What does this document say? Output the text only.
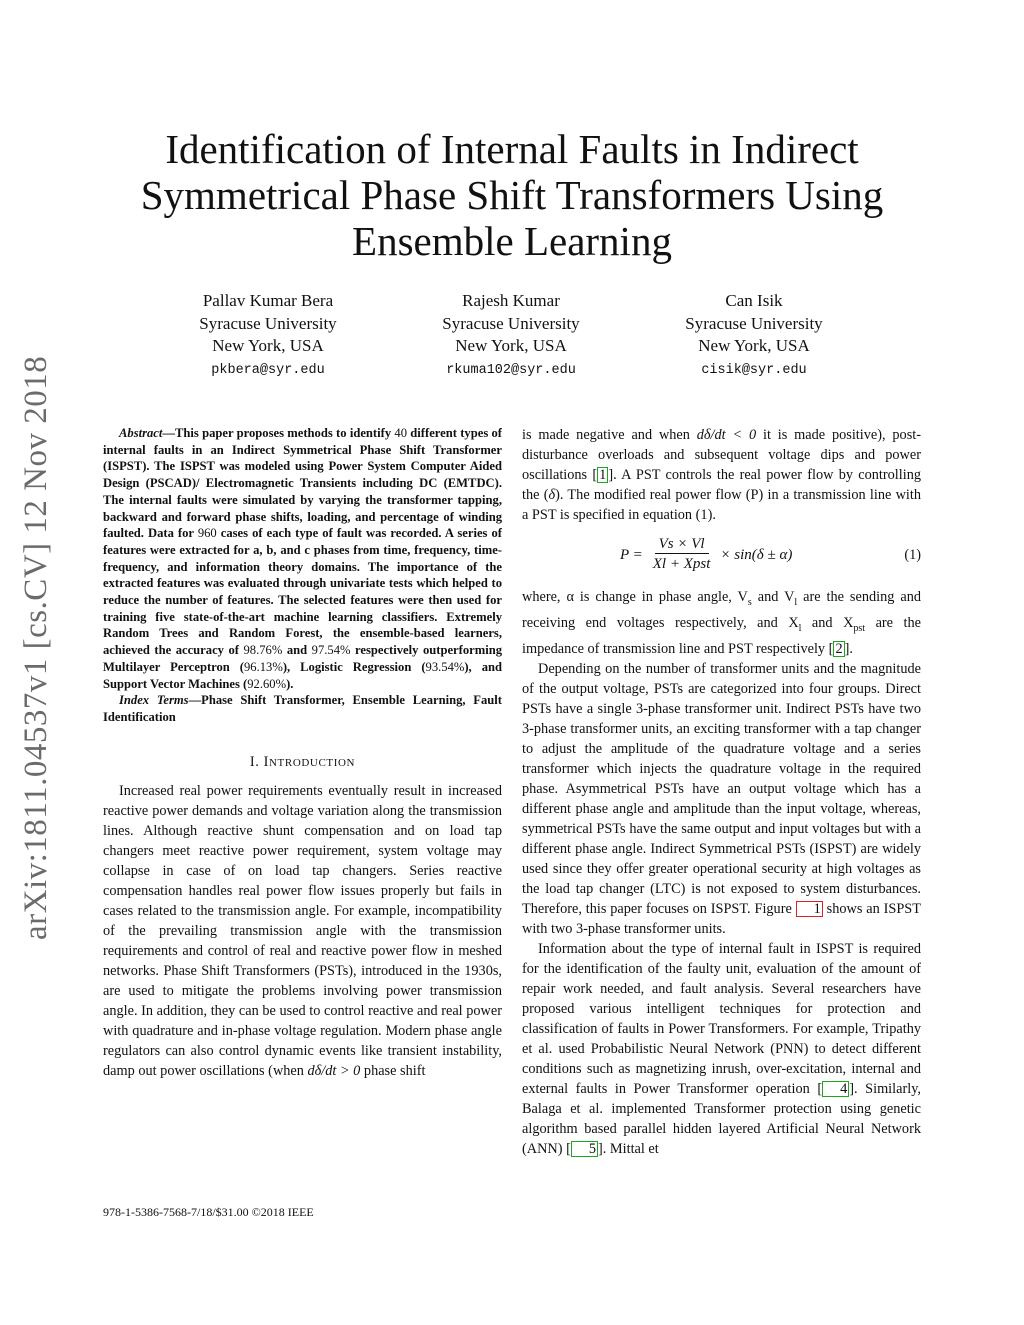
arXiv:1811.04537v1 [cs.CV] 12 Nov 2018
Identification of Internal Faults in Indirect
Symmetrical Phase Shift Transformers Using
Ensemble Learning
Pallav Kumar Bera
Syracuse University
New York, USA
pkbera@syr.edu
Rajesh Kumar
Syracuse University
New York, USA
rkuma102@syr.edu
Can Isik
Syracuse University
New York, USA
cisik@syr.edu
Abstract—This paper proposes methods to identify 40 different types of internal faults in an Indirect Symmetrical Phase Shift Transformer (ISPST). The ISPST was modeled using Power System Computer Aided Design (PSCAD)/ Electromagnetic Transients including DC (EMTDC). The internal faults were simulated by varying the transformer tapping, backward and forward phase shifts, loading, and percentage of winding faulted. Data for 960 cases of each type of fault was recorded. A series of features were extracted for a, b, and c phases from time, frequency, time-frequency, and information theory domains. The importance of the extracted features was evaluated through univariate tests which helped to reduce the number of features. The selected features were then used for training five state-of-the-art machine learning classifiers. Extremely Random Trees and Random Forest, the ensemble-based learners, achieved the accuracy of 98.76% and 97.54% respectively outperforming Multilayer Perceptron (96.13%), Logistic Regression (93.54%), and Support Vector Machines (92.60%).
Index Terms—Phase Shift Transformer, Ensemble Learning, Fault Identification
I. INTRODUCTION

Increased real power requirements eventually result in increased reactive power demands and voltage variation along the transmission lines. Although reactive shunt compensation and on load tap changers meet reactive power requirement, system voltage may collapse in case of on load tap changers. Series reactive compensation handles real power flow issues properly but fails in cases related to the transmission angle. For example, incompatibility of the prevailing transmission angle with the transmission requirements and control of real and reactive power flow in meshed networks. Phase Shift Transformers (PSTs), introduced in the 1930s, are used to mitigate the problems involving power transmission angle. In addition, they can be used to control reactive and real power with quadrature and in-phase voltage regulation. Modern phase angle regulators can also control dynamic events like transient instability, damp out power oscillations (when dδ/dt > 0 phase shift

is made negative and when dδ/dt < 0 it is made positive), post-disturbance overloads and subsequent voltage dips and power oscillations [ 1 ]. A PST controls the real power flow by controlling the (δ). The modified real power flow (P) in a transmission line with a PST is specified in equation (1).

$P = \frac{Vs \times Vl}{\text{Xl + Xpst}} \times \sin(\delta \pm \alpha)$	(1)

where, α is change in phase angle, $V_s$ and $V_l$ are the sending and receiving end voltages respectively, and $X_l$ and $X_{pst}$ are the impedance of transmission line and PST respectively [ 2 ].

Depending on the number of transformer units and the magnitude of the output voltage, PSTs are categorized into four groups. Direct PSTs have a single 3-phase transformer unit. Indirect PSTs have two 3-phase transformer units, an exciting transformer with a tap changer to adjust the amplitude of the quadrature voltage and a series transformer which injects the quadrature voltage in the required phase. Asymmetrical PSTs have an output voltage which has a different phase angle and amplitude than the input voltage, whereas, symmetrical PSTs have the same output and input voltages but with a different phase angle. Indirect Symmetrical PSTs (ISPST) are widely used since they offer greater operational security at high voltages as the load tap changer (LTC) is not exposed to system disturbances. Therefore, this paper focuses on ISPST. Figure 1 shows an ISPST with two 3-phase transformer units.

Information about the type of internal fault in ISPST is required for the identification of the faulty unit, evaluation of the amount of repair work needed, and fault analysis. Several researchers have proposed various intelligent techniques for protection and classification of faults in Power Transformers. For example, Tripathy et al. used Probabilistic Neural Network (PNN) to detect different conditions such as magnetizing inrush, over-excitation, internal and external faults in Power Transformer operation [ 4 ]. Similarly, Balaga et al. implemented Transformer protection using genetic algorithm based parallel hidden layered Artificial Neural Network (ANN) [ 5 ]. Mittal et

978-1-5386-7568-7/18/$31.00 ©2018 IEEE
